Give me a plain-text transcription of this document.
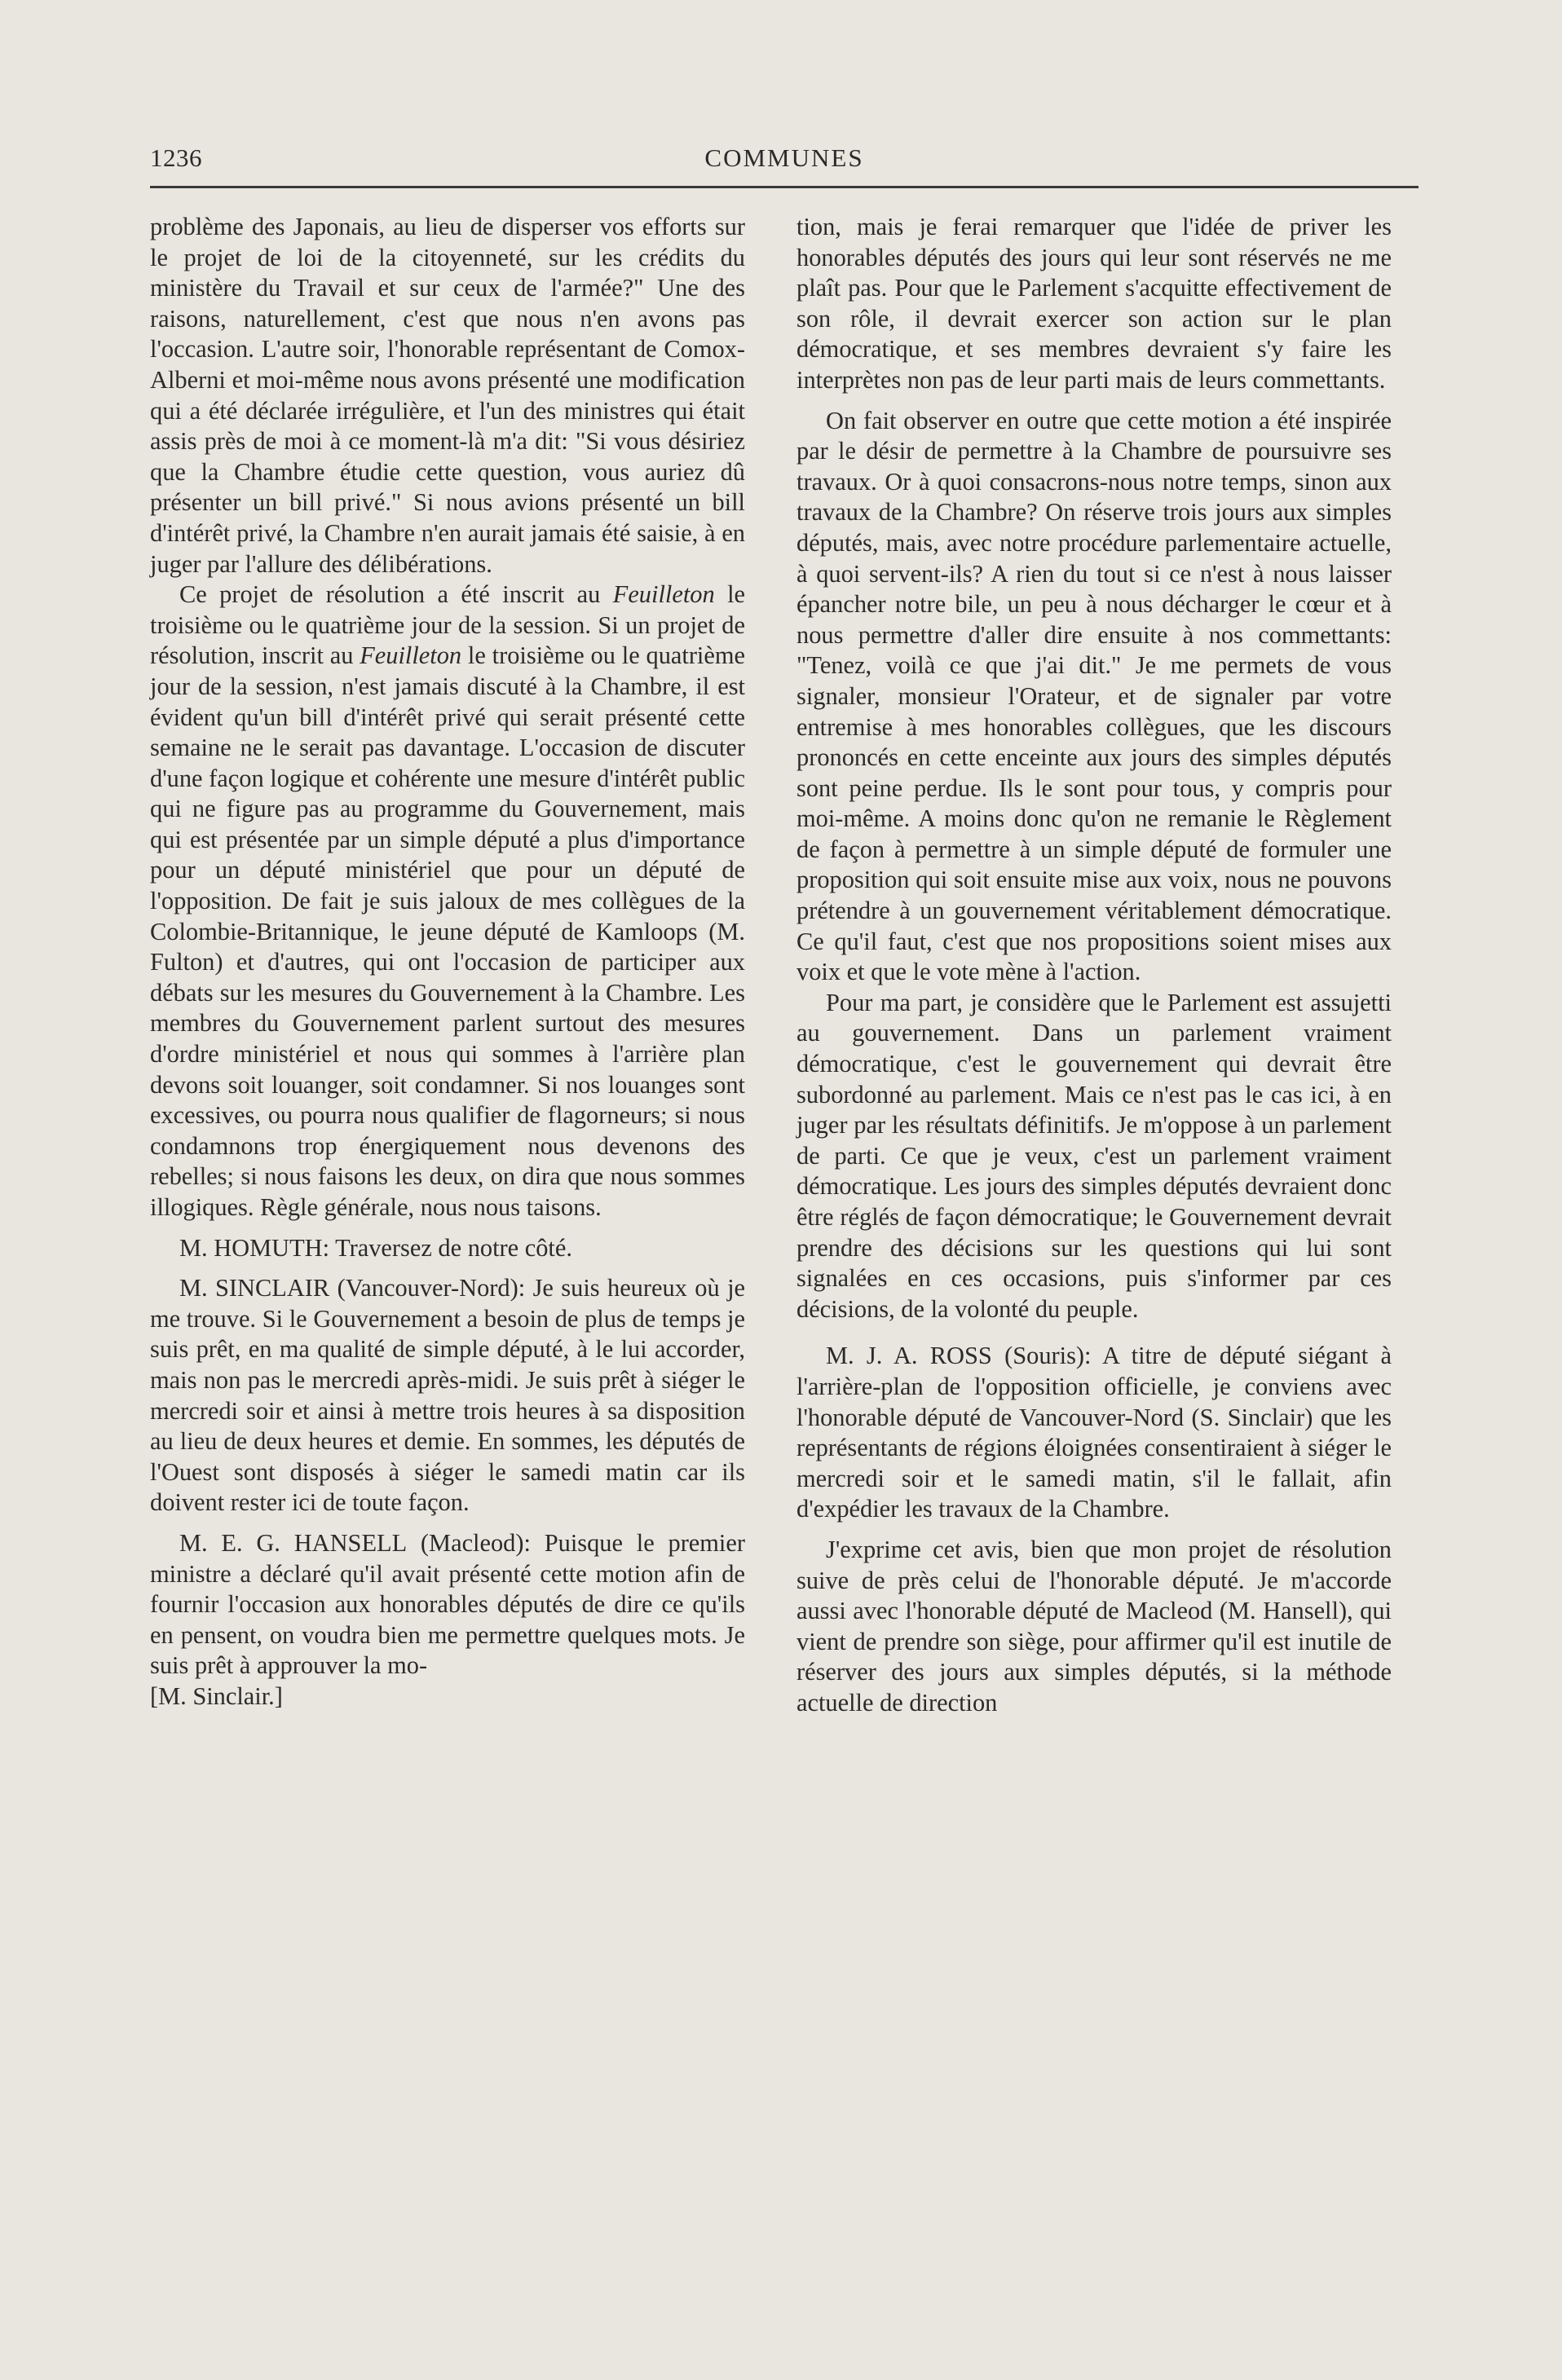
1236	COMMUNES

problème des Japonais, au lieu de disperser vos efforts sur le projet de loi de la citoyenneté, sur les crédits du ministère du Travail et sur ceux de l'armée?" Une des raisons, naturellement, c'est que nous n'en avons pas l'occasion. L'autre soir, l'honorable représentant de Comox-Alberni et moi-même nous avons présenté une modification qui a été déclarée irrégulière, et l'un des ministres qui était assis près de moi à ce moment-là m'a dit: "Si vous désiriez que la Chambre étudie cette question, vous auriez dû présenter un bill privé." Si nous avions présenté un bill d'intérêt privé, la Chambre n'en aurait jamais été saisie, à en juger par l'allure des délibérations.

Ce projet de résolution a été inscrit au Feuilleton le troisième ou le quatrième jour de la session. Si un projet de résolution, inscrit au Feuilleton le troisième ou le quatrième jour de la session, n'est jamais discuté à la Chambre, il est évident qu'un bill d'intérêt privé qui serait présenté cette semaine ne le serait pas davantage. L'occasion de discuter d'une façon logique et cohérente une mesure d'intérêt public qui ne figure pas au programme du Gouvernement, mais qui est présentée par un simple député a plus d'importance pour un député ministériel que pour un député de l'opposition. De fait je suis jaloux de mes collègues de la Colombie-Britannique, le jeune député de Kamloops (M. Fulton) et d'autres, qui ont l'occasion de participer aux débats sur les mesures du Gouvernement à la Chambre. Les membres du Gouvernement parlent surtout des mesures d'ordre ministériel et nous qui sommes à l'arrière plan devons soit louanger, soit condamner. Si nos louanges sont excessives, ou pourra nous qualifier de flagorneurs; si nous condamnons trop énergiquement nous devenons des rebelles; si nous faisons les deux, on dira que nous sommes illogiques. Règle générale, nous nous taisons.

M. HOMUTH: Traversez de notre côté.

M. SINCLAIR (Vancouver-Nord): Je suis heureux où je me trouve. Si le Gouvernement a besoin de plus de temps je suis prêt, en ma qualité de simple député, à le lui accorder, mais non pas le mercredi après-midi. Je suis prêt à siéger le mercredi soir et ainsi à mettre trois heures à sa disposition au lieu de deux heures et demie. En sommes, les députés de l'Ouest sont disposés à siéger le samedi matin car ils doivent rester ici de toute façon.

M. E. G. HANSELL (Macleod): Puisque le premier ministre a déclaré qu'il avait présenté cette motion afin de fournir l'occasion aux honorables députés de dire ce qu'ils en pensent, on voudra bien me permettre quelques mots. Je suis prêt à approuver la mo-

[M. Sinclair.]

tion, mais je ferai remarquer que l'idée de priver les honorables députés des jours qui leur sont réservés ne me plaît pas. Pour que le Parlement s'acquitte effectivement de son rôle, il devrait exercer son action sur le plan démocratique, et ses membres devraient s'y faire les interprètes non pas de leur parti mais de leurs commettants.

On fait observer en outre que cette motion a été inspirée par le désir de permettre à la Chambre de poursuivre ses travaux. Or à quoi consacrons-nous notre temps, sinon aux travaux de la Chambre? On réserve trois jours aux simples députés, mais, avec notre procédure parlementaire actuelle, à quoi servent-ils? A rien du tout si ce n'est à nous laisser épancher notre bile, un peu à nous décharger le cœur et à nous permettre d'aller dire ensuite à nos commettants: "Tenez, voilà ce que j'ai dit." Je me permets de vous signaler, monsieur l'Orateur, et de signaler par votre entremise à mes honorables collègues, que les discours prononcés en cette enceinte aux jours des simples députés sont peine perdue. Ils le sont pour tous, y compris pour moi-même. A moins donc qu'on ne remanie le Règlement de façon à permettre à un simple député de formuler une proposition qui soit ensuite mise aux voix, nous ne pouvons prétendre à un gouvernement véritablement démocratique. Ce qu'il faut, c'est que nos propositions soient mises aux voix et que le vote mène à l'action.

Pour ma part, je considère que le Parlement est assujetti au gouvernement. Dans un parlement vraiment démocratique, c'est le gouvernement qui devrait être subordonné au parlement. Mais ce n'est pas le cas ici, à en juger par les résultats définitifs. Je m'oppose à un parlement de parti. Ce que je veux, c'est un parlement vraiment démocratique. Les jours des simples députés devraient donc être réglés de façon démocratique; le Gouvernement devrait prendre des décisions sur les questions qui lui sont signalées en ces occasions, puis s'informer par ces décisions, de la volonté du peuple.

M. J. A. ROSS (Souris): A titre de député siégant à l'arrière-plan de l'opposition officielle, je conviens avec l'honorable député de Vancouver-Nord (S. Sinclair) que les représentants de régions éloignées consentiraient à siéger le mercredi soir et le samedi matin, s'il le fallait, afin d'expédier les travaux de la Chambre.

J'exprime cet avis, bien que mon projet de résolution suive de près celui de l'honorable député. Je m'accorde aussi avec l'honorable député de Macleod (M. Hansell), qui vient de prendre son siège, pour affirmer qu'il est inutile de réserver des jours aux simples députés, si la méthode actuelle de direction
